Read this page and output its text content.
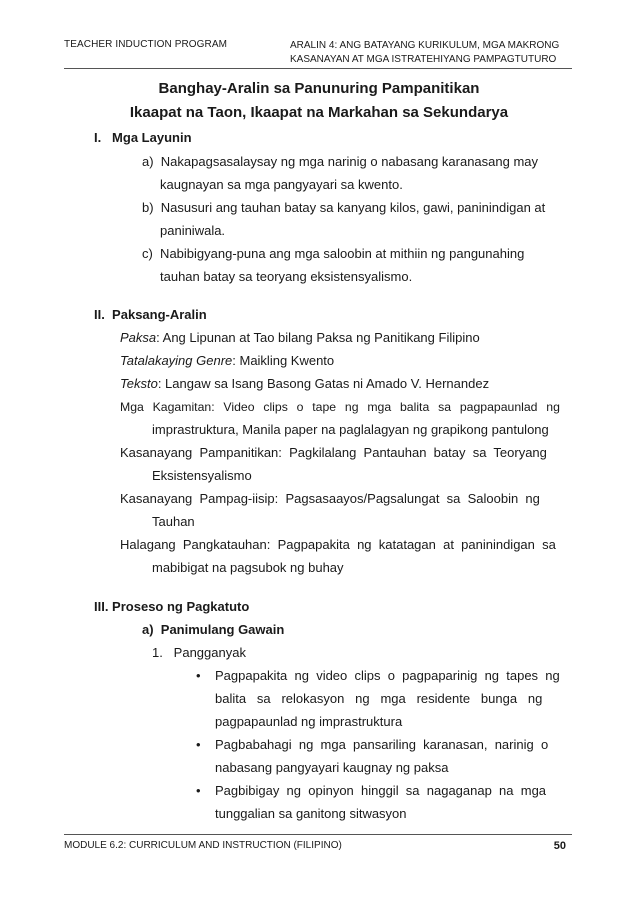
TEACHER INDUCTION PROGRAM	ARALIN 4: ANG BATAYANG KURIKULUM, MGA MAKRONG
KASANAYAN AT MGA ISTRATEHIYANG PAMPAGTUTURO
Banghay-Aralin sa Panunuring Pampanitikan
Ikaapat na Taon, Ikaapat na Markahan sa Sekundarya
I.   Mga Layunin
a)  Nakapagsasalaysay ng mga narinig o nabasang karanasang may
kaugnayan sa mga pangyayari sa kwento.
b)  Nasusuri ang tauhan batay sa kanyang kilos, gawi, paninindigan at
paniniwala.
c)  Nabibigyang-puna ang mga saloobin at mithiin ng pangunahing
tauhan batay sa teoryang eksistensyalismo.
II.  Paksang-Aralin
Paksa: Ang Lipunan at Tao bilang Paksa ng Panitikang Filipino
Tatalakaying Genre: Maikling Kwento
Teksto: Langaw sa Isang Basong Gatas ni Amado V. Hernandez
Mga  Kagamitan:  Video  clips  o  tape  ng  mga  balita  sa  pagpapaunlad  ng
imprastruktura, Manila paper na paglalagyan ng grapikong pantulong
Kasanayang  Pampanitikan:  Pagkilalang  Pantauhan  batay  sa  Teoryang
Eksistensyalismo
Kasanayang  Pampag-iisip:  Pagsasaayos/Pagsalungat  sa  Saloobin  ng
Tauhan
Halagang  Pangkatauhan:  Pagpapakita  ng  katatagan  at  paninindigan  sa
mabibigat na pagsubok ng buhay
III. Proseso ng Pagkatuto
a)  Panimulang Gawain
1.   Pangganyak
• Pagpapakita  ng  video  clips  o  pagpaparinig  ng  tapes  ng
balita   sa   relokasyon   ng   mga   residente   bunga   ng
pagpapaunlad ng imprastruktura
• Pagbabahagi  ng  mga  pansariling  karanasan,  narinig  o
nabasang pangyayari kaugnay ng paksa
• Pagbibigay  ng  opinyon  hinggil  sa  nagaganap  na  mga
tunggalian sa ganitong sitwasyon
MODULE 6.2: CURRICULUM AND INSTRUCTION (FILIPINO)	50
